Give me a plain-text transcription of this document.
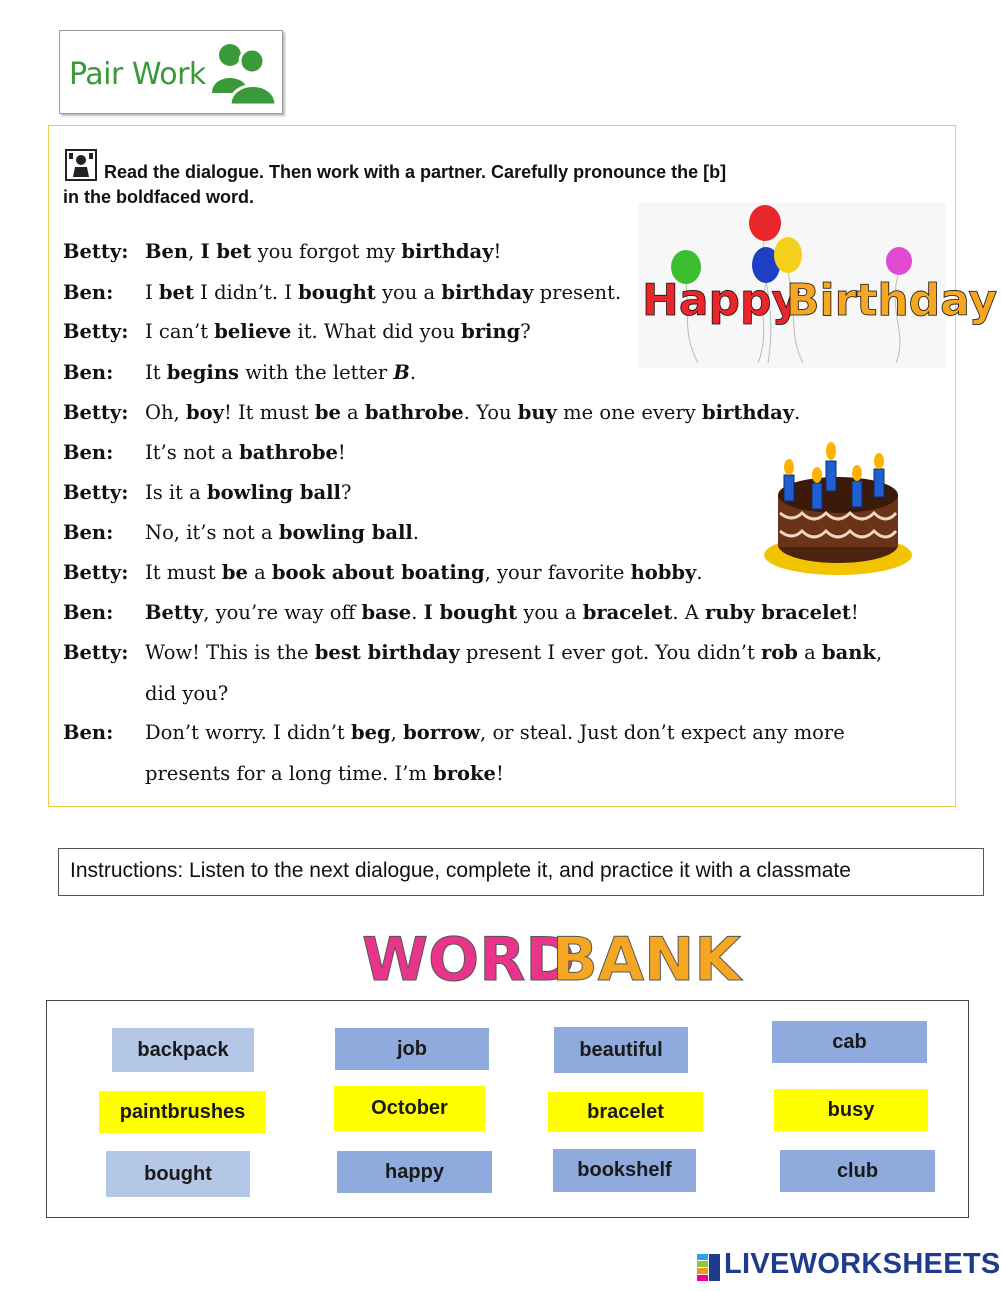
Pair Work
Read the dialogue. Then work with a partner. Carefully pronounce the [b]
in the boldfaced word.
Betty: Ben, I bet you forgot my birthday!
Ben: I bet I didn’t. I bought you a birthday present.
Betty: I can’t believe it. What did you bring?
Ben: It begins with the letter B.
Betty: Oh, boy! It must be a bathrobe. You buy me one every birthday.
Ben: It’s not a bathrobe!
Betty: Is it a bowling ball?
Ben: No, it’s not a bowling ball.
Betty: It must be a book about boating, your favorite hobby.
Ben: Betty, you’re way off base. I bought you a bracelet. A ruby bracelet!
Betty: Wow! This is the best birthday present I ever got. You didn’t rob a bank,
did you?
Ben: Don’t worry. I didn’t beg, borrow, or steal. Just don’t expect any more
presents for a long time. I’m broke!
Happy
Birthday
Instructions: Listen to the next dialogue, complete it, and practice it with a classmate
WORD
BANK
backpack	job	beautiful	cab
paintbrushes	October	bracelet	busy
bought	happy	bookshelf	club
LIVEWORKSHEETS
